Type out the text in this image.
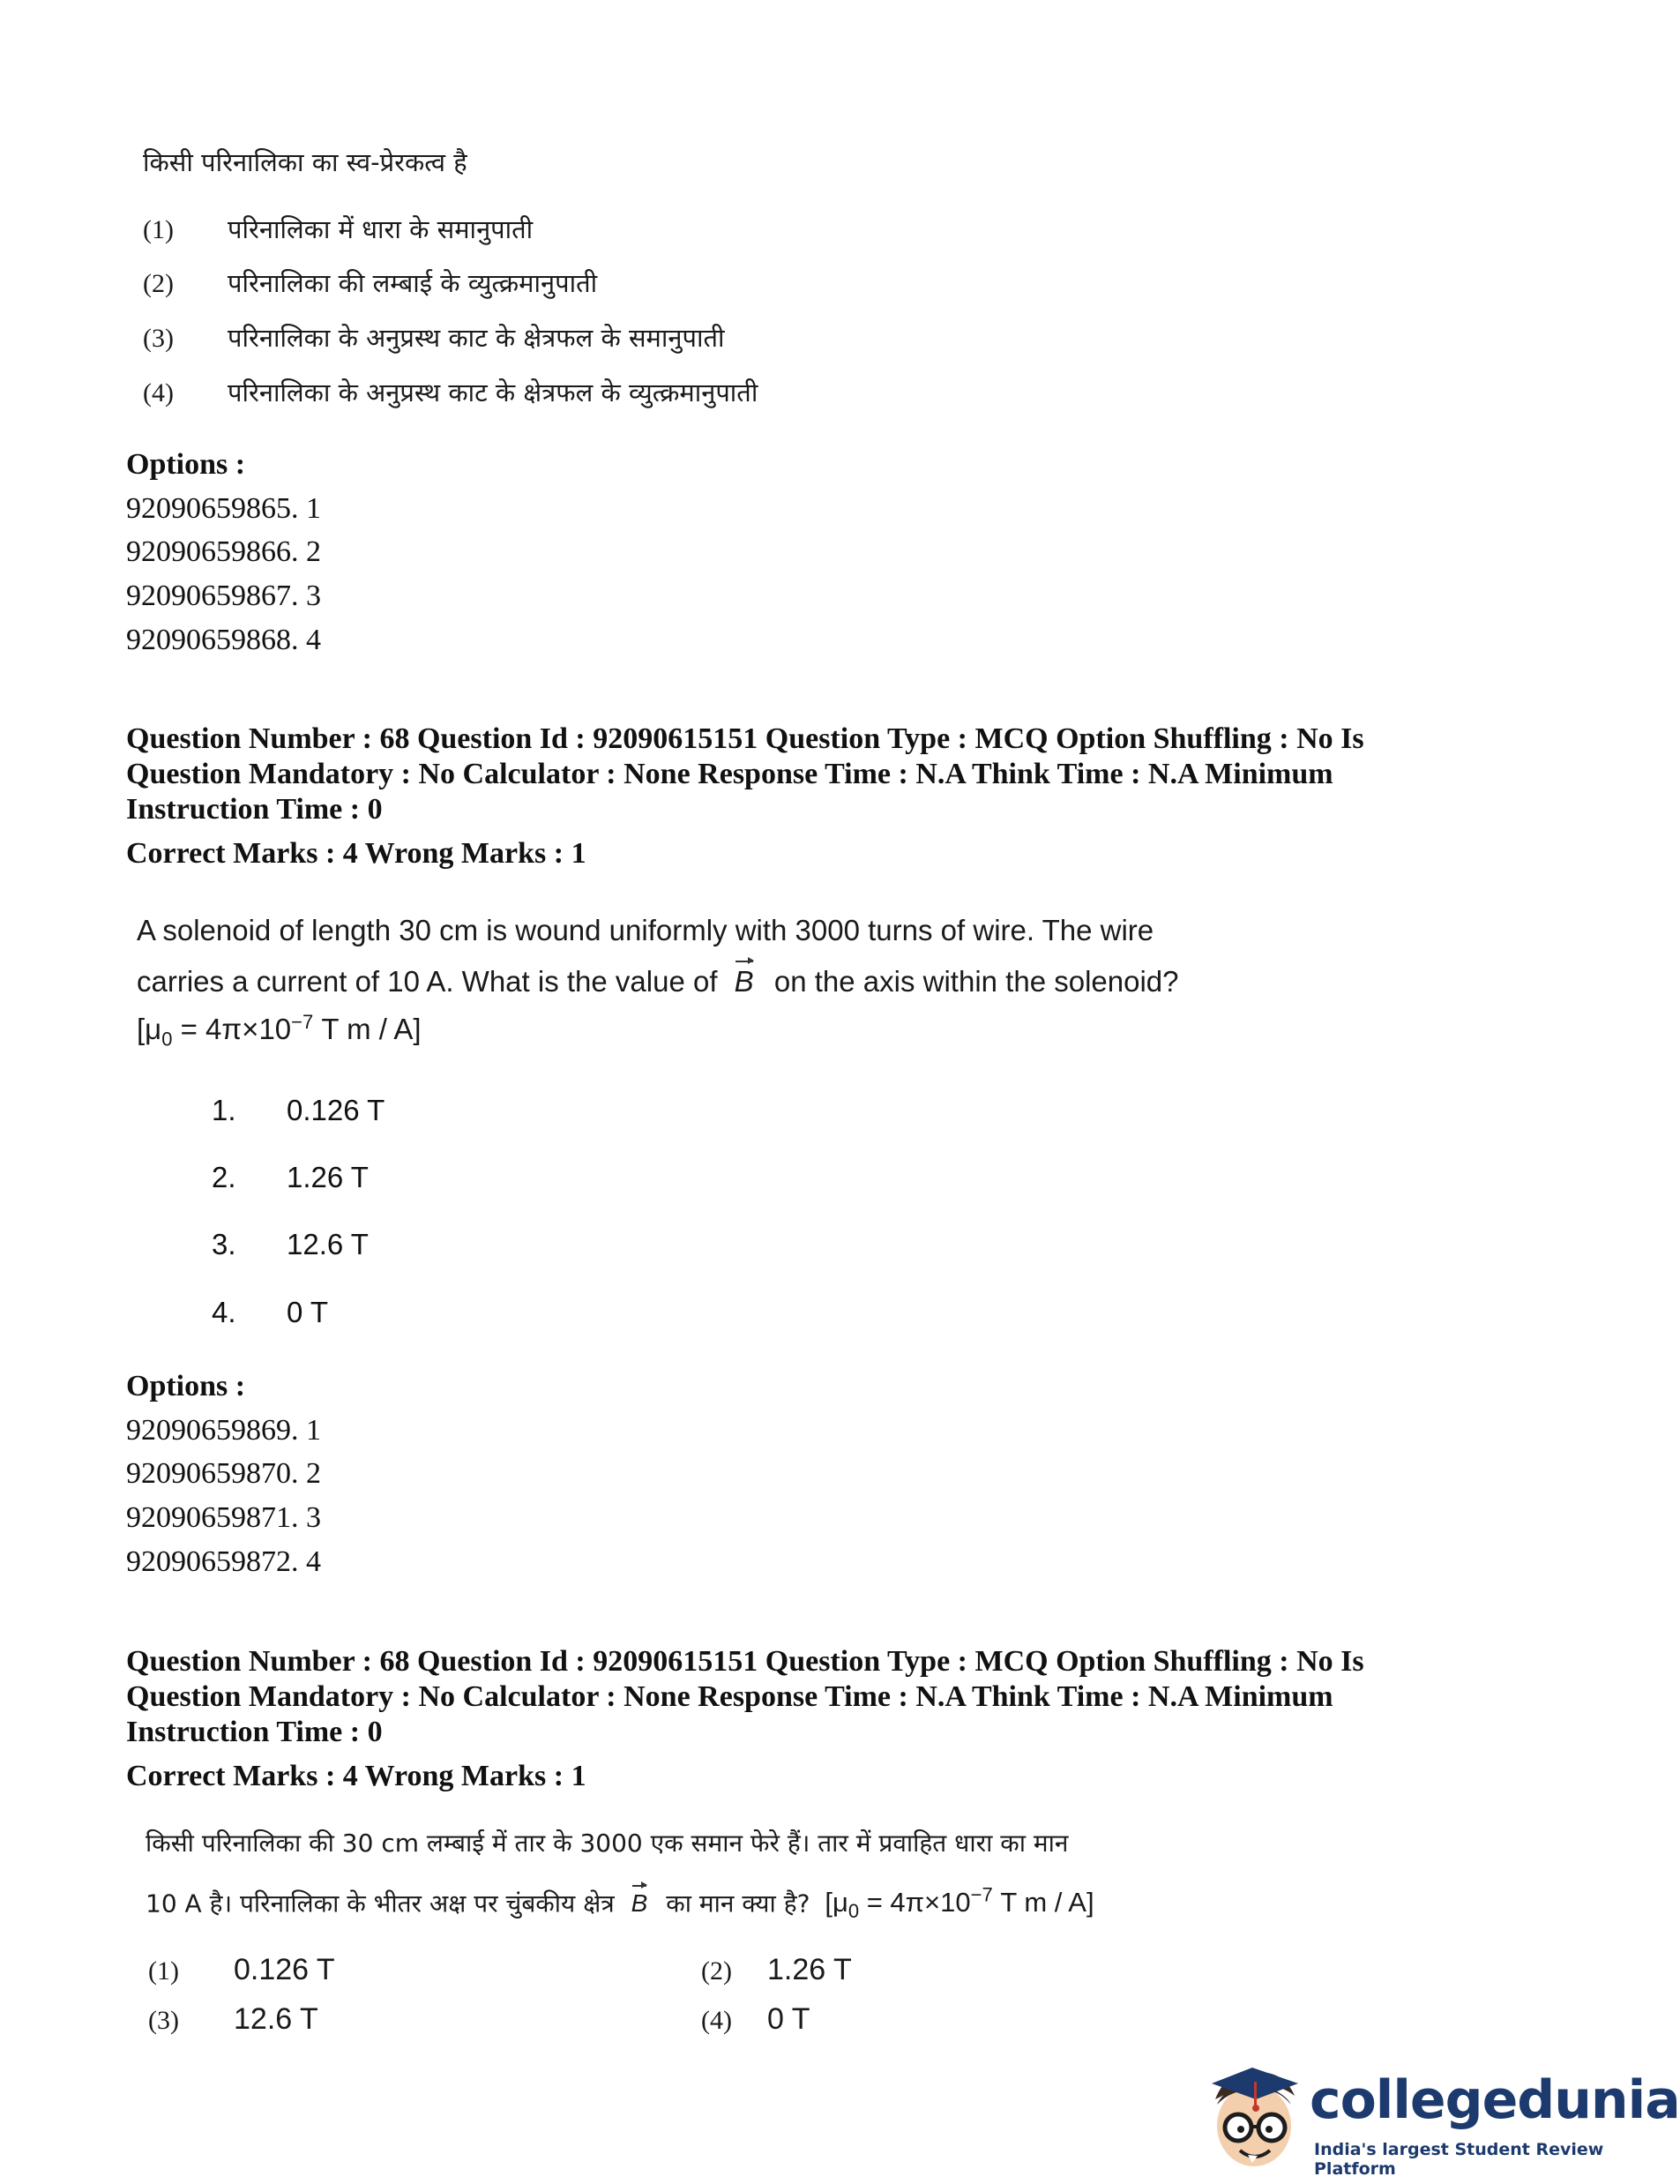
किसी परिनालिका का स्व-प्रेरकत्व है
(1) परिनालिका में धारा के समानुपाती
(2) परिनालिका की लम्बाई के व्युत्क्रमानुपाती
(3) परिनालिका के अनुप्रस्थ काट के क्षेत्रफल के समानुपाती
(4) परिनालिका के अनुप्रस्थ काट के क्षेत्रफल के व्युत्क्रमानुपाती
Options :
92090659865. 1
92090659866. 2
92090659867. 3
92090659868. 4
Question Number : 68 Question Id : 92090615151 Question Type : MCQ Option Shuffling : No Is
Question Mandatory : No Calculator : None Response Time : N.A Think Time : N.A Minimum
Instruction Time : 0
Correct Marks : 4 Wrong Marks : 1
A solenoid of length 30 cm is wound uniformly with 3000 turns of wire. The wire
carries a current of 10 A. What is the value of B on the axis within the solenoid?
[$\mu_0 = 4\pi\times 10^{-7}$ T m / A]
1. 0.126 T
2. 1.26 T
3. 12.6 T
4. 0 T
Options :
92090659869. 1
92090659870. 2
92090659871. 3
92090659872. 4
Question Number : 68 Question Id : 92090615151 Question Type : MCQ Option Shuffling : No Is
Question Mandatory : No Calculator : None Response Time : N.A Think Time : N.A Minimum
Instruction Time : 0
Correct Marks : 4 Wrong Marks : 1
किसी परिनालिका की 30 cm लम्बाई में तार के 3000 एक समान फेरे हैं। तार में प्रवाहित धारा का मान
10 A है। परिनालिका के भीतर अक्ष पर चुंबकीय क्षेत्र B का मान क्या है? [$\mu_0 = 4\pi\times 10^{-7}$ T m / A]
(1) 0.126 T	(2) 1.26 T
(3) 12.6 T	(4) 0 T
collegedunia
India's largest Student Review Platform
